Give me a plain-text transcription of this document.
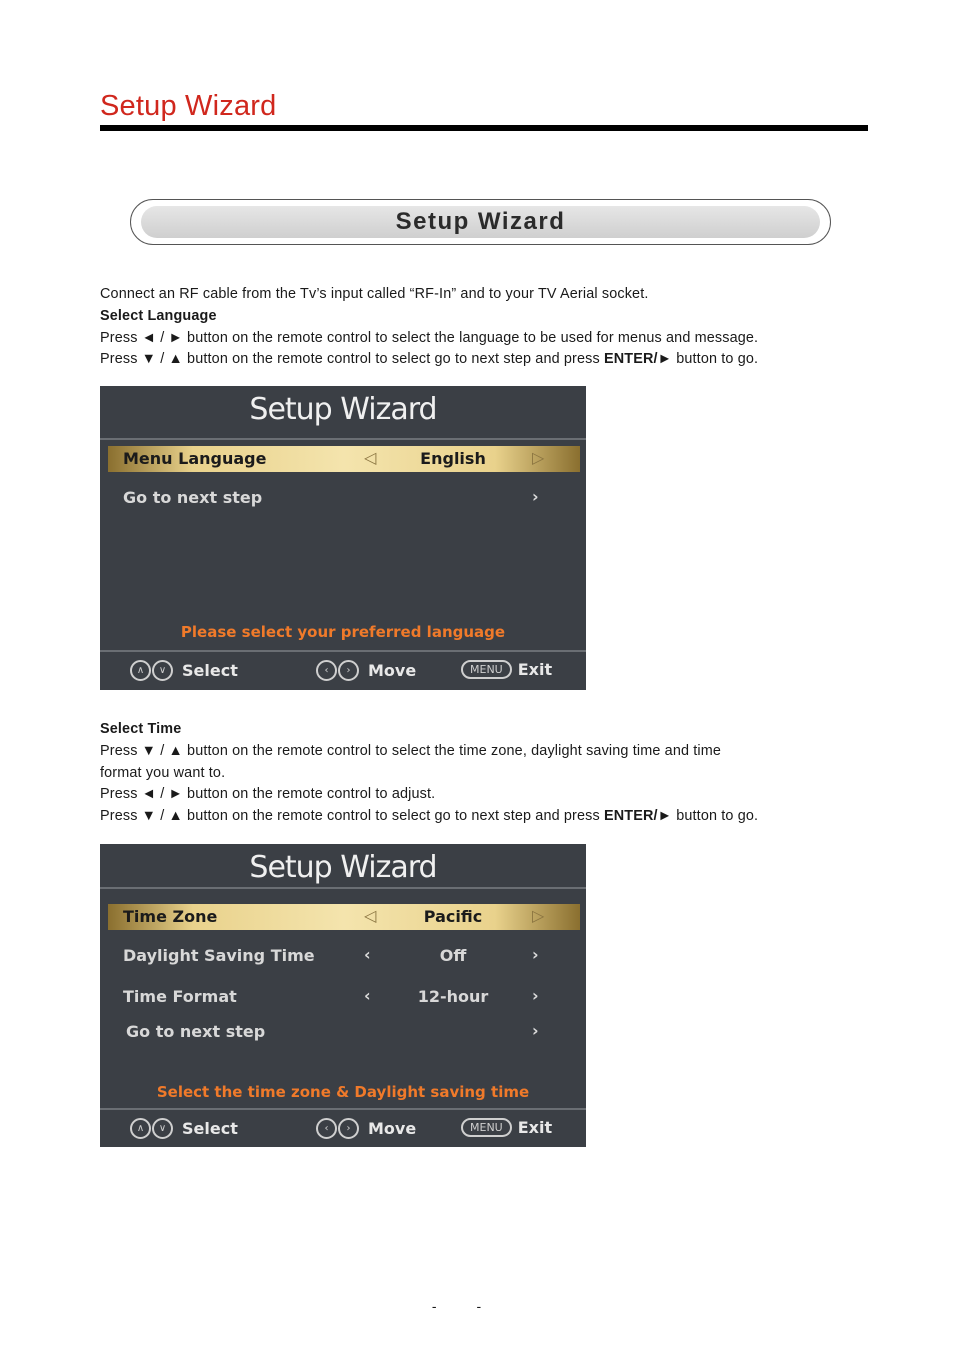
Setup Wizard
Setup Wizard

Connect an RF cable from the Tv’s input called “RF-In” and to your TV Aerial socket.

Select Language

Press ◄ / ► button on the remote control to select the language to be used for menus and message.

Press ▼ / ▲ button on the remote control to select go to next step and press ENTER/► button to go.

Setup Wizard
Menu Language	◁	English	▷
Go to next step	›
Please select your preferred language
∧	∨ Select	‹	›	Move	MENU Exit

Select Time

Press ▼ / ▲ button on the remote control to select the time zone, daylight saving time and time

format you want to.

Press ◄ / ► button on the remote control to adjust.

Press ▼ / ▲ button on the remote control to select go to next step and press ENTER/► button to go.

Setup Wizard
Time Zone	◁	Pacific	▷
Daylight Saving Time	‹	Off	›
Time Format	‹	12-hour	›
Go to next step	›
Select the time zone & Daylight saving time
∧	∨ Select	‹	›	Move	MENU Exit
--
